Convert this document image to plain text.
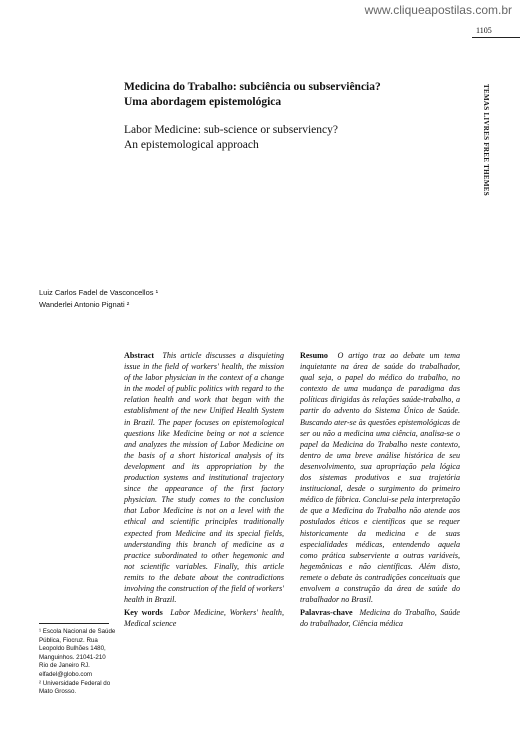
www.cliqueapostilas.com.br
1105
TEMAS LIVRES FREE THEMES
Medicina do Trabalho: subciência ou subserviência?
Uma abordagem epistemológica
Labor Medicine: sub-science or subserviency?
An epistemological approach
Luiz Carlos Fadel de Vasconcellos ¹
Wanderlei Antonio Pignati ²
Abstract This article discusses a disquieting issue in the field of workers' health, the mission of the labor physician in the context of a change in the model of public politics with regard to the relation health and work that began with the establishment of the new Unified Health System in Brazil. The paper focuses on epistemological questions like Medicine being or not a science and analyzes the mission of Labor Medicine on the basis of a short historical analysis of its development and its appropriation by the production systems and institutional trajectory since the appearance of the first factory physician. The study comes to the conclusion that Labor Medicine is not on a level with the ethical and scientific principles traditionally expected from Medicine and its special fields, understanding this branch of medicine as a practice subordinated to other hegemonic and not scientific variables. Finally, this article remits to the debate about the contradictions involving the construction of the field of workers' health in Brazil.
Key words Labor Medicine, Workers' health, Medical science
Resumo O artigo traz ao debate um tema inquietante na área de saúde do trabalhador, qual seja, o papel do médico do trabalho, no contexto de uma mudança de paradigma das políticas dirigidas às relações saúde-trabalho, a partir do advento do Sistema Único de Saúde. Buscando ater-se às questões epistemológicas de ser ou não a medicina uma ciência, analisa-se o papel da Medicina do Trabalho neste contexto, dentro de uma breve análise histórica de seu desenvolvimento, sua apropriação pela lógica dos sistemas produtivos e sua trajetória institucional, desde o surgimento do primeiro médico de fábrica. Conclui-se pela interpretação de que a Medicina do Trabalho não atende aos postulados éticos e científicos que se requer historicamente da medicina e de suas especialidades médicas, entendendo aquela como prática subserviente a outras variáveis, hegemônicas e não científicas. Além disto, remete o debate às contradições conceituais que envolvem a construção da área de saúde do trabalhador no Brasil.
Palavras-chave Medicina do Trabalho, Saúde do trabalhador, Ciência médica
¹ Escola Nacional de Saúde
Pública, Fiocruz. Rua
Leopoldo Bulhões 1480,
Manguinhos. 21041-210
Rio de Janeiro RJ.
elfadel@globo.com
² Universidade Federal do
Mato Grosso.
